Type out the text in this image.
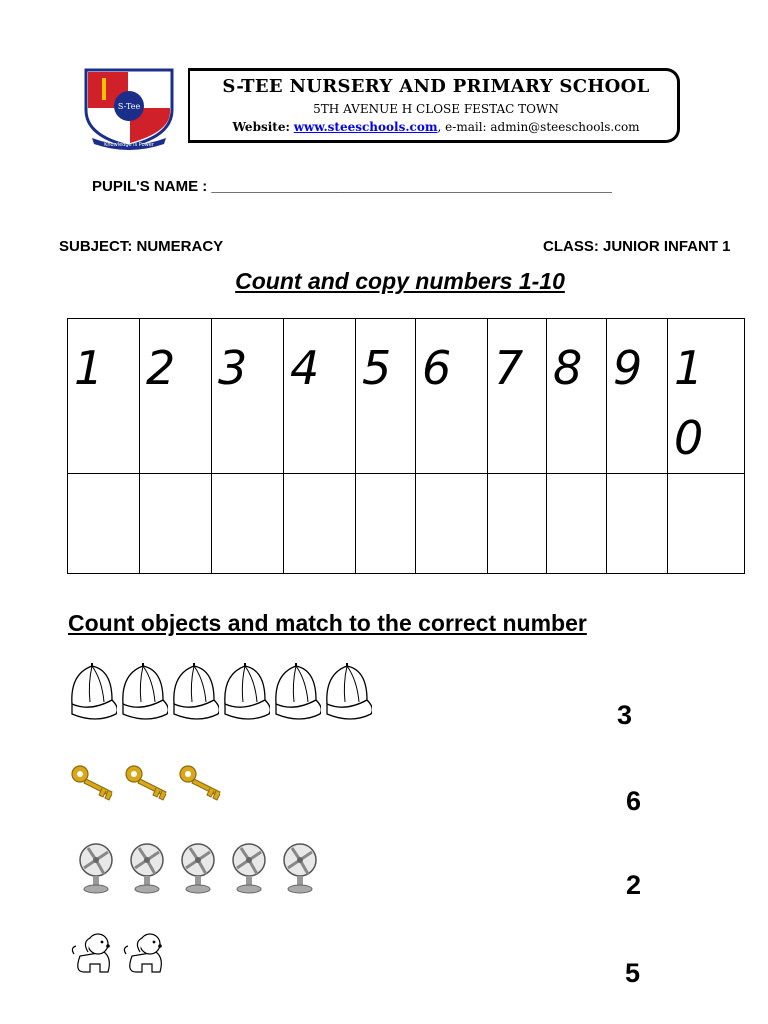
S-Tee
Knowledge is Power
S-TEE NURSERY AND PRIMARY SCHOOL
5TH AVENUE H CLOSE FESTAC TOWN
Website: www.steeschools.com, e-mail: admin@steeschools.com
PUPIL'S NAME : ________________________________________________
SUBJECT: NUMERACY	CLASS: JUNIOR INFANT 1
Count and copy numbers 1-10
1	2	3	4	5	6	7	8	9	10

Count objects and match to the correct number
3
6
2
5
